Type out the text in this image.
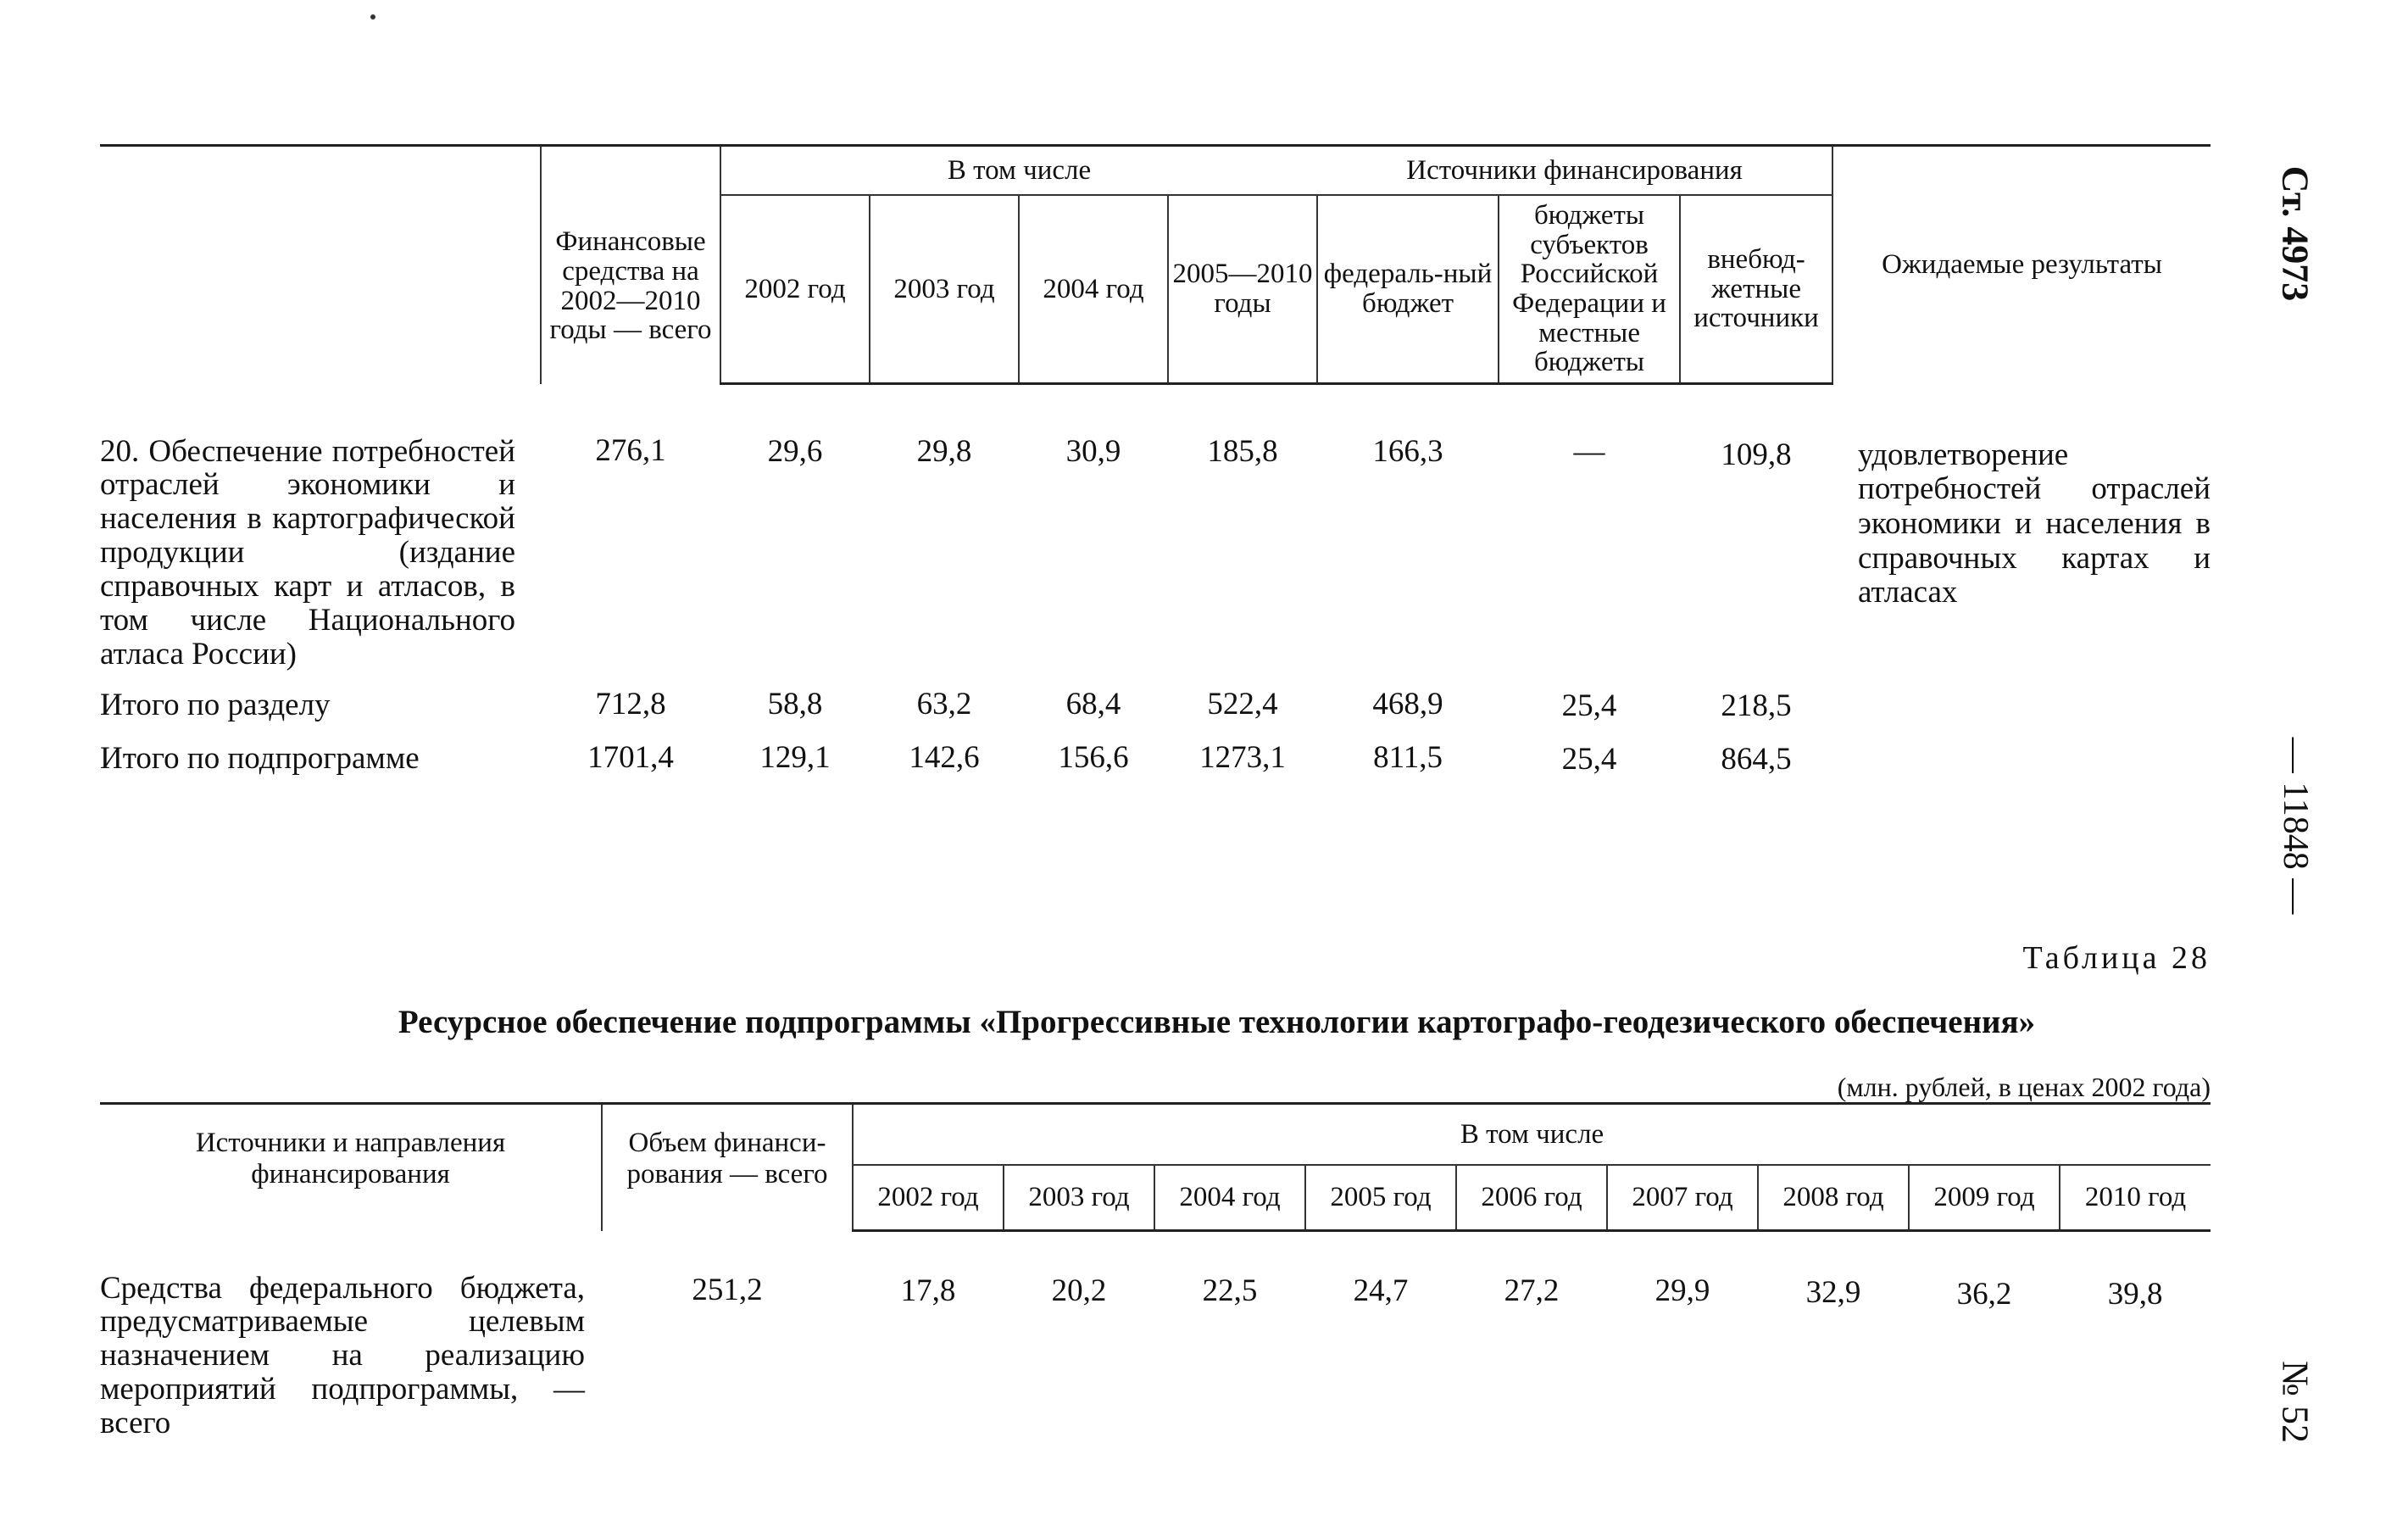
	Финансовые средства на 2002—2010 годы — всего	В том числе				Источники финансирования			Ожидаемые результаты
		2002 год	2003 год	2004 год	2005—2010 годы	федераль-ный бюджет	бюджеты субъектов Российской Федерации и местные бюджеты	внебюд-жетные источники	
20. Обеспечение потребностей отраслей экономики и населения в картографической продукции (издание справочных карт и атласов, в том числе Национального атласа России)	276,1	29,6	29,8	30,9	185,8	166,3	—	109,8	удовлетворение потребностей отраслей экономики и населения в справочных картах и атласах
Итого по разделу	712,8	58,8	63,2	68,4	522,4	468,9	25,4	218,5	
Итого по подпрограмме	1701,4	129,1	142,6	156,6	1273,1	811,5	25,4	864,5	
Ст. 4973
— 11848 —
№ 52
Таблица 28
Ресурсное обеспечение подпрограммы «Прогрессивные технологии картографо-геодезического обеспечения»
(млн. рублей, в ценах 2002 года)
Источники и направления финансирования	Объем финанси-рования — всего	В том числе								
		2002 год	2003 год	2004 год	2005 год	2006 год	2007 год	2008 год	2009 год	2010 год
Средства федерального бюджета, предусматриваемые целевым назначением на реализацию мероприятий подпрограммы, — всего	251,2	17,8	20,2	22,5	24,7	27,2	29,9	32,9	36,2	39,8
